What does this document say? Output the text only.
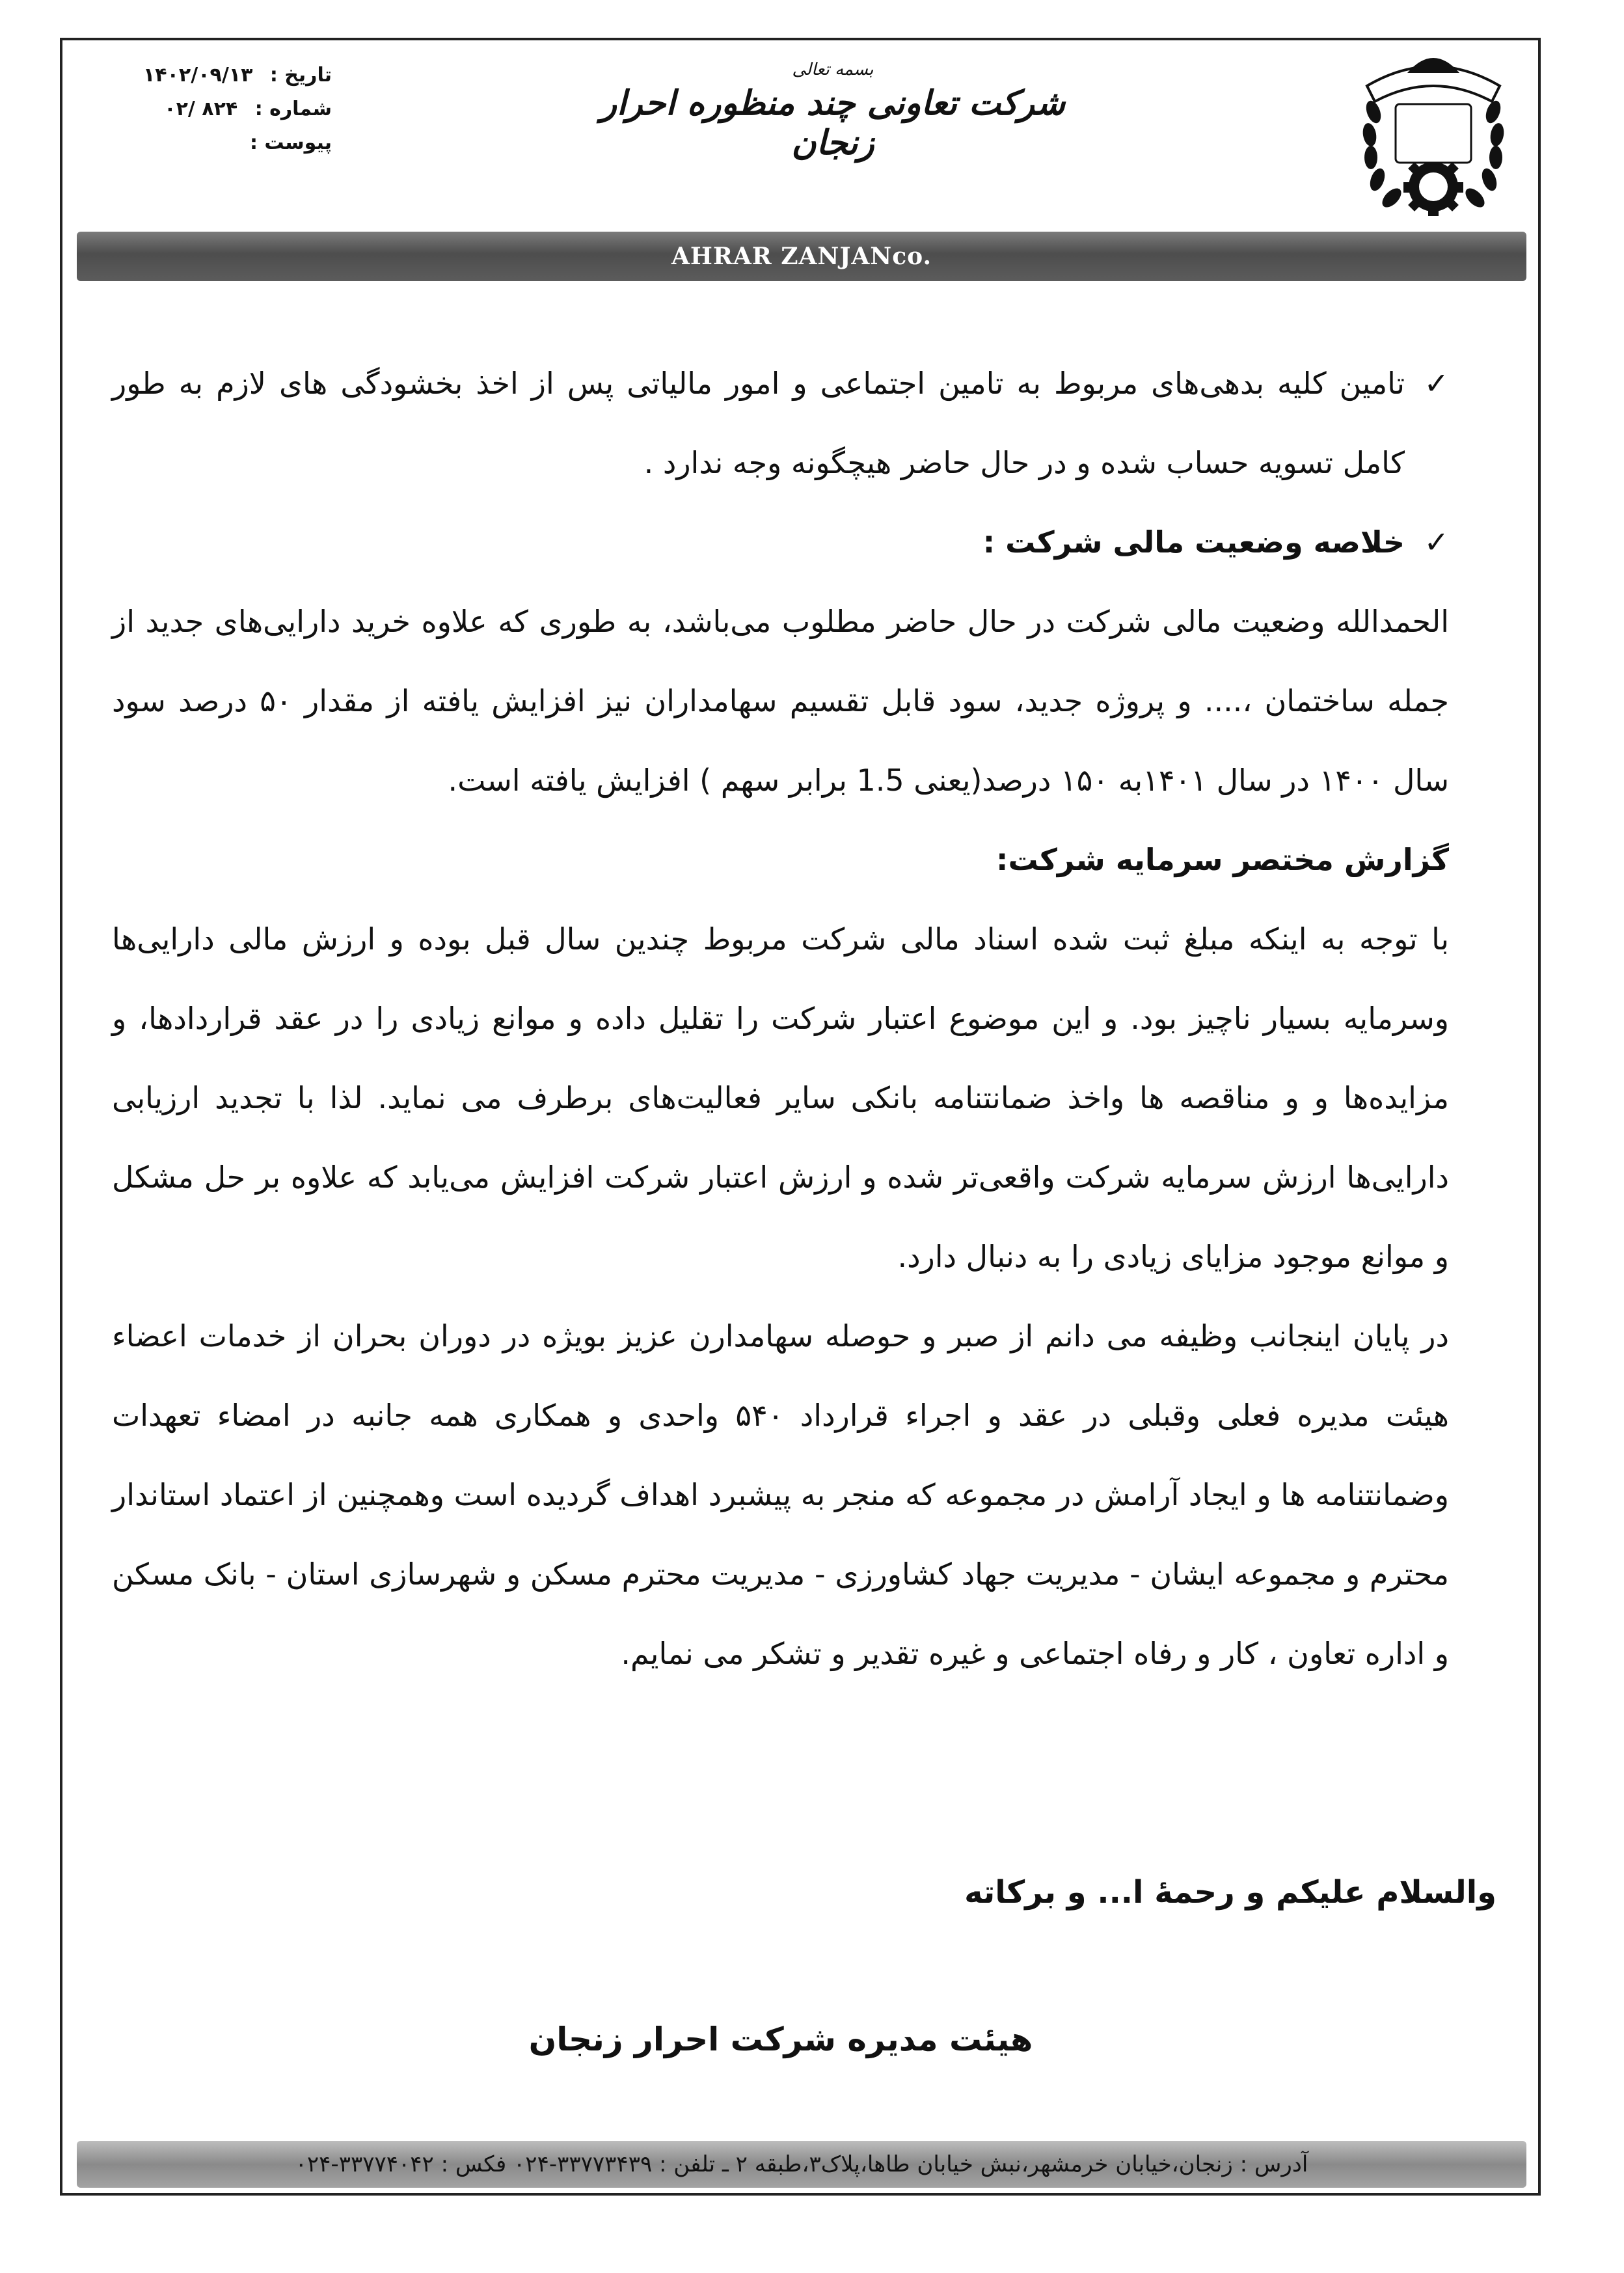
تاریخ : ۱۴۰۲/۰۹/۱۳
شماره : ۸۲۴ /۰۲
پیوست :
بسمه تعالی
شرکت تعاونی چند منظوره احرار زنجان
AHRAR ZANJANco.

✓
تامین کلیه بدهی‌های مربوط به تامین اجتماعی و امور مالیاتی پس از اخذ بخشودگی های لازم به طور کامل تسویه حساب شده و در حال حاضر هیچگونه وجه ندارد .

✓
خلاصه وضعیت مالی شرکت :

الحمدالله وضعیت مالی شرکت در حال حاضر مطلوب می‌باشد، به طوری که علاوه خرید دارایی‌های جدید از جمله ساختمان ،.... و پروژه جدید، سود قابل تقسیم سهامداران نیز افزایش یافته از مقدار ۵۰ درصد سود سال ۱۴۰۰ در سال ۱۴۰۱به ۱۵۰ درصد(یعنی 1.5 برابر سهم ) افزایش یافته است.

گزارش مختصر سرمایه شرکت:

با توجه به اینکه مبلغ ثبت شده اسناد مالی شرکت مربوط چندین سال قبل بوده و ارزش مالی دارایی‌ها وسرمایه بسیار ناچیز بود. و این موضوع اعتبار شرکت را تقلیل داده و موانع زیادی را در عقد قراردادها، و مزایده‌ها و و مناقصه ها واخذ ضمانتنامه بانکی سایر فعالیت‌های برطرف می نماید. لذا با تجدید ارزیابی دارایی‌ها ارزش سرمایه شرکت واقعی‌تر شده و ارزش اعتبار شرکت افزایش می‌یابد که علاوه بر حل مشکل و موانع موجود مزایای زیادی را به دنبال دارد.

در پایان اینجانب وظیفه می دانم از صبر و حوصله سهامدارن عزیز بویژه در دوران بحران از خدمات اعضاء هیئت مدیره فعلی وقبلی در عقد و اجراء قرارداد ۵۴۰ واحدی و همکاری همه جانبه در امضاء تعهدات وضمانتنامه ها و ایجاد آرامش در مجموعه که منجر به پیشبرد اهداف گردیده است وهمچنین از اعتماد استاندار محترم و مجموعه ایشان - مدیریت جهاد کشاورزی - مدیریت محترم مسکن و شهرسازی استان - بانک مسکن و اداره تعاون ، کار و رفاه اجتماعی و غیره تقدیر و تشکر می نمایم.

والسلام علیکم و رحمهٔ ا... و برکاته
هیئت مدیره شرکت احرار زنجان
آدرس : زنجان،خیابان خرمشهر،نبش خیابان طاها،پلاک۳،طبقه ۲ ـ تلفن : ۳۳۷۷۳۴۳۹-۰۲۴ فکس : ۳۳۷۷۴۰۴۲-۰۲۴
